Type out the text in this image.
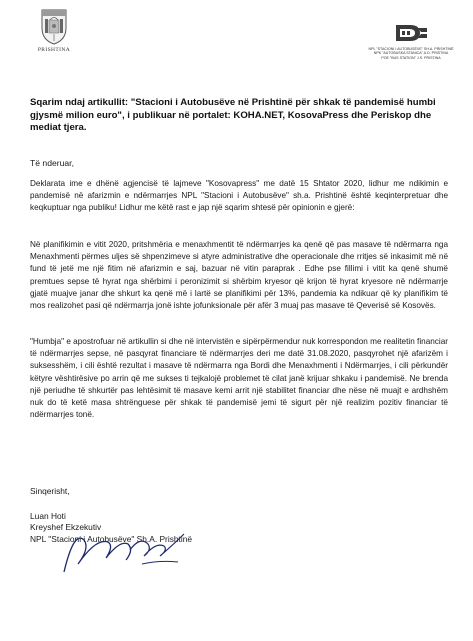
PRISHTINA	NPL "STACIONI I AUTOBUSËVE" SH.A. PRISHTINË
NPK "AUTOBUSKA STANICA" A.D. PRISTINA
POE "BUS STATION" J.S. PRISTINA
Sqarim ndaj artikullit: "Stacioni i Autobusëve në Prishtinë për shkak të pandemisë humbi gjysmë milion euro", i publikuar në portalet: KOHA.NET, KosovaPress dhe Periskop dhe mediat tjera.
Të nderuar,

Deklarata ime e dhënë agjencisë të lajmeve "Kosovapress" me datë 15 Shtator 2020, lidhur me ndikimin e pandemisë në afarizmin e ndërmarrjes NPL "Stacioni i Autobusëve" sh.a. Prishtinë është keqinterpretuar dhe keqkuptuar nga publiku! Lidhur me këtë rast e jap një sqarim shtesë për opinionin e gjerë:

Në planifikimin e vitit 2020, pritshmëria e menaxhmentit të ndërmarrjes ka qenë që pas masave të ndërmarra nga Menaxhmenti përmes uljes së shpenzimeve si atyre administrative dhe operacionale dhe rritjes së inkasimit më në fund të jetë me një fitim në afarizmin e saj, bazuar në vitin paraprak . Edhe pse fillimi i vitit ka qenë shumë premtues sepse të hyrat nga shërbimi i peronizimit si shërbim kryesor që krijon të hyrat kryesore në ndërmarrje gjatë muajve janar dhe shkurt ka qenë më i lartë se planifikimi për 13%, pandemia ka ndikuar që ky planifikim të mos realizohet pasi që ndërmarrja jonë ishte jofunksionale për afër 3 muaj pas masave të Qeverisë së Kosovës.

"Humbja" e apostrofuar në artikullin si dhe në intervistën e sipërpërmendur nuk korrespondon me realitetin financiar të ndërmarrjes sepse, në pasqyrat financiare të ndërmarrjes deri me datë 31.08.2020, pasqyrohet një afarizëm i suksesshëm, i cili është rezultat i masave të ndërmarra nga Bordi dhe Menaxhmenti i Ndërmarrjes, i cili përkundër këtyre vështirësive po arrin që me sukses ti tejkalojë problemet të cilat janë krijuar shkaku i pandemisë. Ne brenda një periudhe të shkurtër pas lehtësimit të masave kemi arrit një stabilitet financiar dhe nëse në muajt e ardhshëm nuk do të ketë masa shtrënguese për shkak të pandemisë jemi të sigurt për një realizim pozitiv financiar të ndërmarrjes tonë.

Sinqerisht,
Luan Hoti
Kreyshef Ekzekutiv
NPL "Stacioni i Autobusëve" Sh.A. Prishtinë
